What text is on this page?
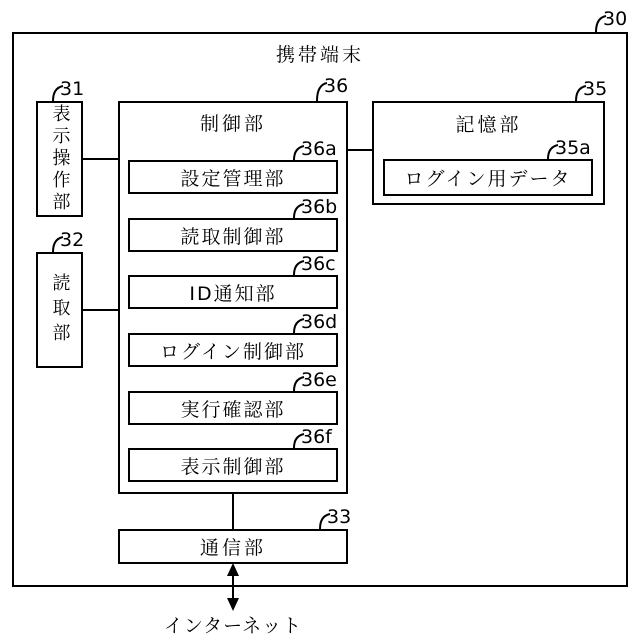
携帯端末
表示操作部
読取部
制御部
設定管理部
読取制御部
ID通知部
ログイン制御部
実行確認部
表示制御部
記憶部
ログイン用データ
通信部
インターネット
30
31
32
36	35
36a
36b
36c
36d
36e
36f
35a
33
